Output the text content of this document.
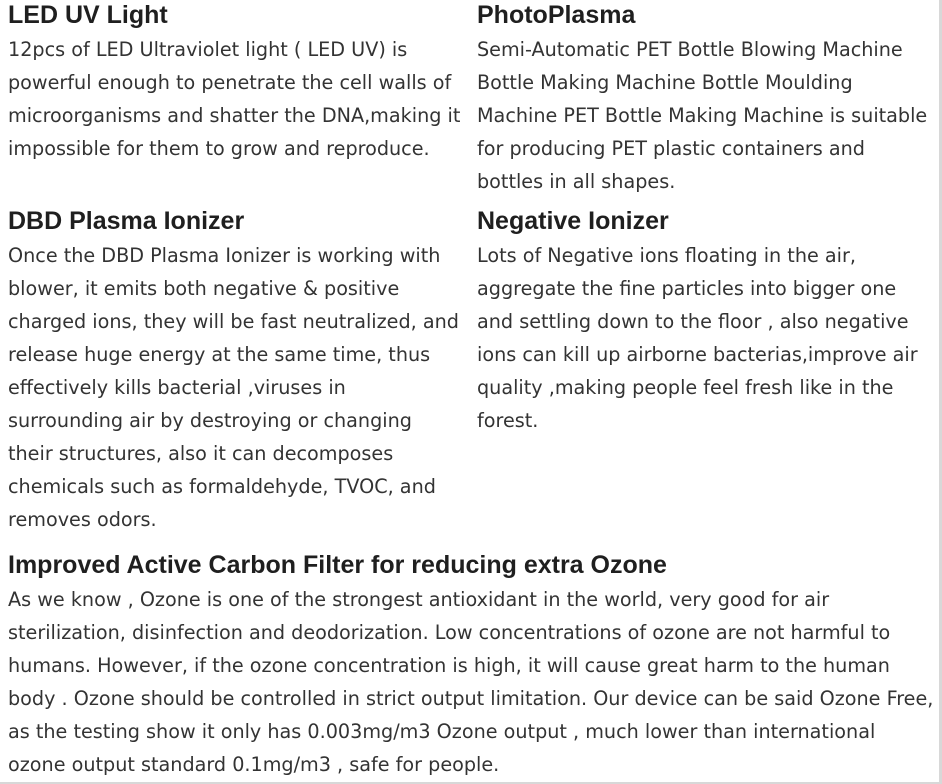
LED UV Light

12pcs of LED Ultraviolet light ( LED UV) is powerful enough to penetrate the cell walls of microorganisms and shatter the DNA,making it impossible for them to grow and reproduce.

PhotoPlasma

Semi-Automatic PET Bottle Blowing Machine Bottle Making Machine Bottle Moulding Machine PET Bottle Making Machine is suitable for producing PET plastic containers and bottles in all shapes.

DBD Plasma Ionizer

Once the DBD Plasma Ionizer is working with blower, it emits both negative & positive charged ions, they will be fast neutralized, and release huge energy at the same time, thus effectively kills bacterial ,viruses in surrounding air by destroying or changing their structures, also it can decomposes chemicals such as formaldehyde, TVOC, and removes odors.

Negative Ionizer

Lots of Negative ions floating in the air, aggregate the fine particles into bigger one and settling down to the floor , also negative ions can kill up airborne bacterias,improve air quality ,making people feel fresh like in the forest.

Improved Active Carbon Filter for reducing extra Ozone

As we know , Ozone is one of the strongest antioxidant in the world, very good for air sterilization, disinfection and deodorization. Low concentrations of ozone are not harmful to humans. However, if the ozone concentration is high, it will cause great harm to the human body . Ozone should be controlled in strict output limitation. Our device can be said Ozone Free, as the testing show it only has 0.003mg/m3 Ozone output , much lower than international ozone output standard 0.1mg/m3 , safe for people.
